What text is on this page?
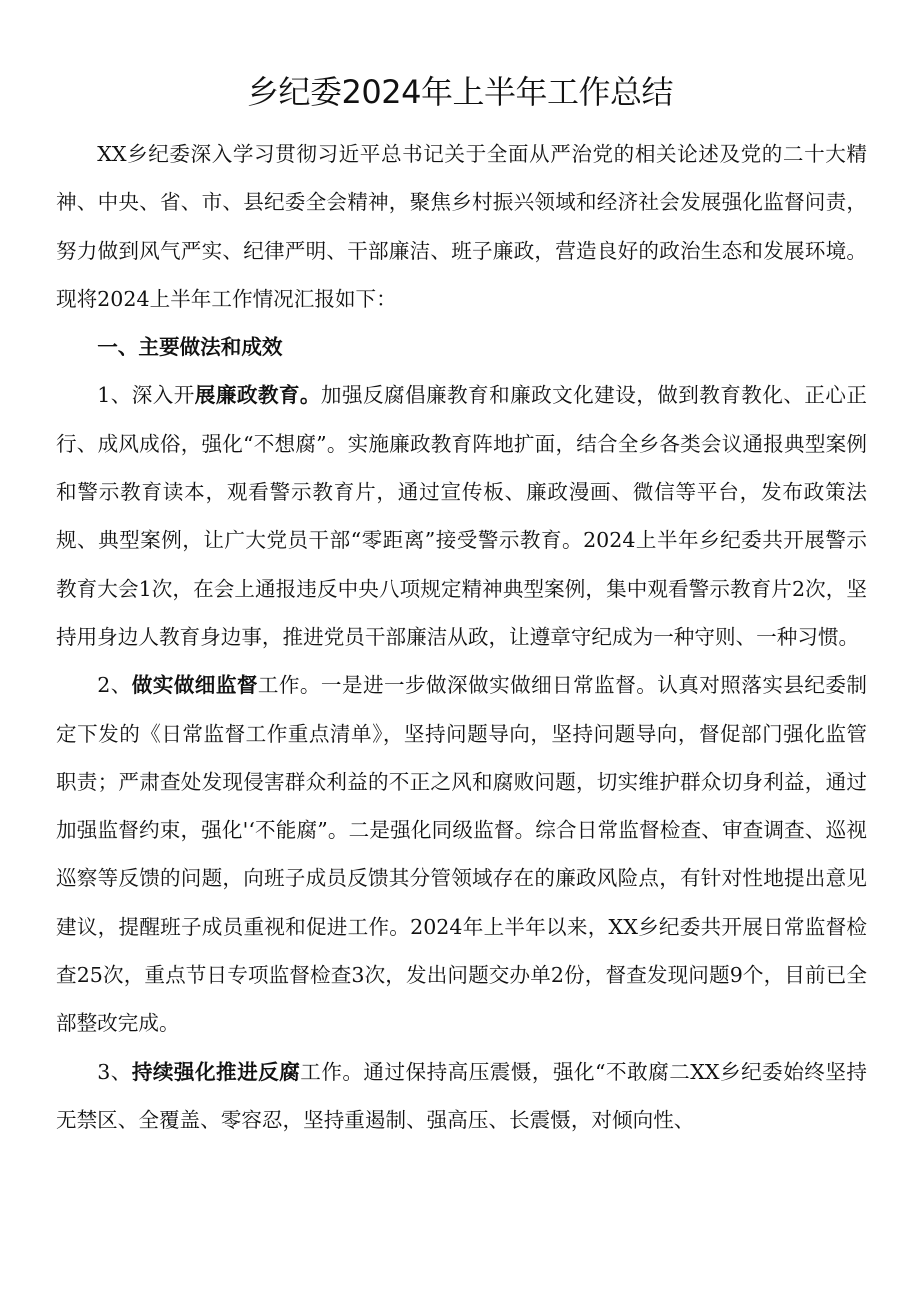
乡纪委2024年上半年工作总结

XX乡纪委深入学习贯彻习近平总书记关于全面从严治党的相关论述及党的二十大精神、中央、省、市、县纪委全会精神，聚焦乡村振兴领域和经济社会发展强化监督问责，努力做到风气严实、纪律严明、干部廉洁、班子廉政，营造良好的政治生态和发展环境。现将2024上半年工作情况汇报如下：

一、主要做法和成效

1、深入开展廉政教育。加强反腐倡廉教育和廉政文化建设，做到教育教化、正心正行、成风成俗，强化“不想腐”。实施廉政教育阵地扩面，结合全乡各类会议通报典型案例和警示教育读本，观看警示教育片，通过宣传板、廉政漫画、微信等平台，发布政策法规、典型案例，让广大党员干部“零距离”接受警示教育。2024上半年乡纪委共开展警示教育大会1次，在会上通报违反中央八项规定精神典型案例，集中观看警示教育片2次，坚持用身边人教育身边事，推进党员干部廉洁从政，让遵章守纪成为一种守则、一种习惯。

2、做实做细监督工作。一是进一步做深做实做细日常监督。认真对照落实县纪委制定下发的《日常监督工作重点清单》，坚持问题导向，坚持问题导向，督促部门强化监管职责；严肃查处发现侵害群众利益的不正之风和腐败问题，切实维护群众切身利益，通过加强监督约束，强化'‘不能腐”。二是强化同级监督。综合日常监督检查、审查调查、巡视巡察等反馈的问题，向班子成员反馈其分管领域存在的廉政风险点，有针对性地提出意见建议，提醒班子成员重视和促进工作。2024年上半年以来，XX乡纪委共开展日常监督检查25次，重点节日专项监督检查3次，发出问题交办单2份，督查发现问题9个，目前已全部整改完成。

3、持续强化推进反腐工作。通过保持高压震慑，强化“不敢腐二XX乡纪委始终坚持无禁区、全覆盖、零容忍，坚持重遏制、强高压、长震慑，对倾向性、
